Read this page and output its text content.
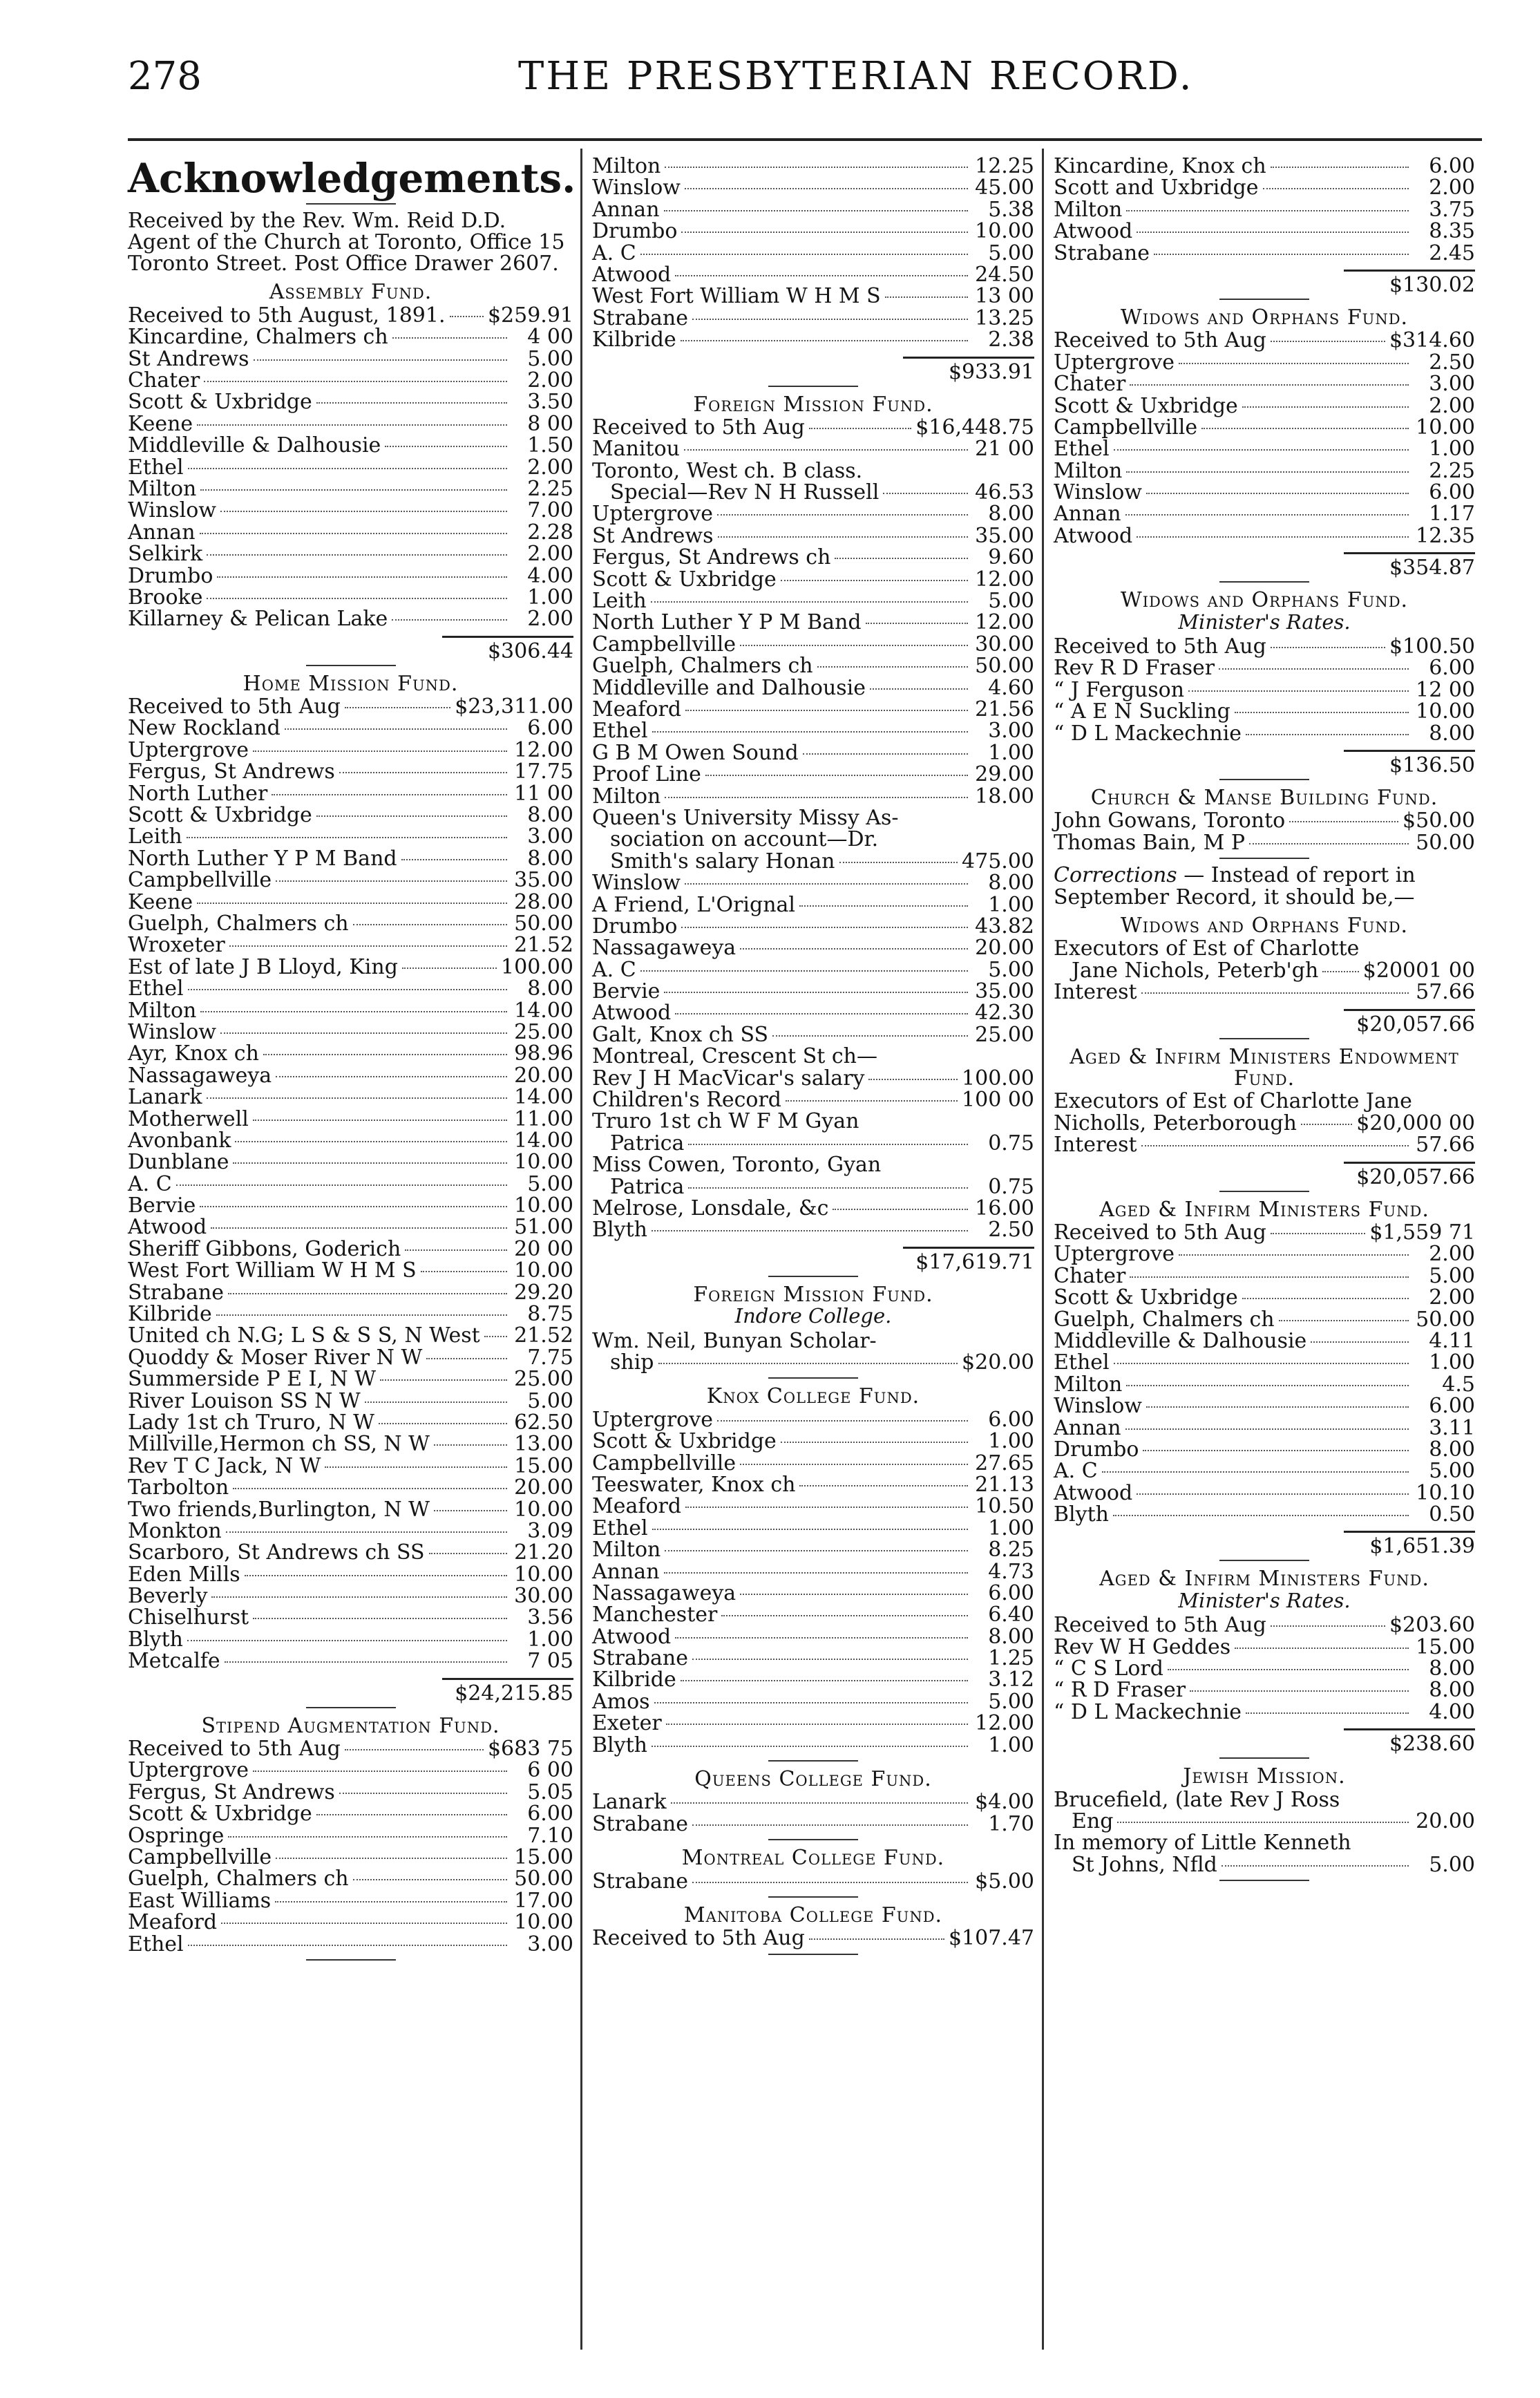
278	THE PRESBYTERIAN RECORD.
Acknowledgements.
Received by the Rev. Wm. Reid D.D. Agent of the Church at Toronto, Office 15 Toronto Street. Post Office Drawer 2607.
Assembly Fund.
Received to 5th August, 1891. $259.91
Kincardine, Chalmers ch	4 00
St Andrews	5.00
Chater	2.00
Scott & Uxbridge	3.50
Keene	8 00
Middleville & Dalhousie	1.50
Ethel	2.00
Milton	2.25
Winslow	7.00
Annan	2.28
Selkirk	2.00
Drumbo	4.00
Brooke	1.00
Killarney & Pelican Lake	2.00
$306.44
Home Mission Fund.
Received to 5th Aug	$23,311.00
New Rockland	6.00
Uptergrove	12.00
Fergus, St Andrews	17.75
North Luther	11 00
Scott & Uxbridge	8.00
Leith	3.00
North Luther Y P M Band	8.00
Campbellville	35.00
Keene	28.00
Guelph, Chalmers ch	50.00
Wroxeter	21.52
Est of late J B Lloyd, King	100.00
Ethel	8.00
Milton	14.00
Winslow	25.00
Ayr, Knox ch	98.96
Nassagaweya	20.00
Lanark	14.00
Motherwell	11.00
Avonbank	14.00
Dunblane	10.00
A. C	5.00
Bervie	10.00
Atwood	51.00
Sheriff Gibbons, Goderich	20 00
West Fort William W H M S	10.00
Strabane	29.20
Kilbride	8.75
United ch N.G; L S & S S, N West 21.52
Quoddy & Moser River N W	7.75
Summerside P E I, N W	25.00
River Louison SS N W	5.00
Lady 1st ch Truro, N W	62.50
Millville,Hermon ch SS, N W	13.00
Rev T C Jack, N W	15.00
Tarbolton	20.00
Two friends,Burlington, N W	10.00
Monkton	3.09
Scarboro, St Andrews ch SS	21.20
Eden Mills	10.00
Beverly	30.00
Chiselhurst	3.56
Blyth	1.00
Metcalfe	7 05
$24,215.85
Stipend Augmentation Fund.
Received to 5th Aug	$683 75
Uptergrove	6 00
Fergus, St Andrews	5.05
Scott & Uxbridge	6.00
Ospringe	7.10
Campbellville	15.00
Guelph, Chalmers ch	50.00
East Williams	17.00
Meaford	10.00
Ethel	3.00
Milton	12.25
Winslow	45.00
Annan	5.38
Drumbo	10.00
A. C	5.00
Atwood	24.50
West Fort William W H M S	13 00
Strabane	13.25
Kilbride	2.38
$933.91
Foreign Mission Fund.
Received to 5th Aug	$16,448.75
Manitou	21 00
Toronto, West ch. B class.
Special—Rev N H Russell	46.53
Uptergrove	8.00
St Andrews	35.00
Fergus, St Andrews ch	9.60
Scott & Uxbridge	12.00
Leith	5.00
North Luther Y P M Band	12.00
Campbellville	30.00
Guelph, Chalmers ch	50.00
Middleville and Dalhousie	4.60
Meaford	21.56
Ethel	3.00
G B M Owen Sound	1.00
Proof Line	29.00
Milton	18.00
Queen's University Missy As-
sociation on account—Dr.
Smith's salary Honan	475.00
Winslow	8.00
A Friend, L'Orignal	1.00
Drumbo	43.82
Nassagaweya	20.00
A. C	5.00
Bervie	35.00
Atwood	42.30
Galt, Knox ch SS	25.00
Montreal, Crescent St ch—
Rev J H MacVicar's salary	100.00
Children's Record	100 00
Truro 1st ch W F M Gyan
Patrica	0.75
Miss Cowen, Toronto, Gyan
Patrica	0.75
Melrose, Lonsdale, &c	16.00
Blyth	2.50
$17,619.71
Foreign Mission Fund.
Indore College.
Wm. Neil, Bunyan Scholar-
ship	$20.00
Knox College Fund.
Uptergrove	6.00
Scott & Uxbridge	1.00
Campbellville	27.65
Teeswater, Knox ch	21.13
Meaford	10.50
Ethel	1.00
Milton	8.25
Annan	4.73
Nassagaweya	6.00
Manchester	6.40
Atwood	8.00
Strabane	1.25
Kilbride	3.12
Amos	5.00
Exeter	12.00
Blyth	1.00
Queens College Fund.
Lanark	$4.00
Strabane	1.70
Montreal College Fund.
Strabane	$5.00
Manitoba College Fund.
Received to 5th Aug	$107.47
Kincardine, Knox ch	6.00
Scott and Uxbridge	2.00
Milton	3.75
Atwood	8.35
Strabane	2.45
$130.02
Widows and Orphans Fund.
Received to 5th Aug	$314.60
Uptergrove	2.50
Chater	3.00
Scott & Uxbridge	2.00
Campbellville	10.00
Ethel	1.00
Milton	2.25
Winslow	6.00
Annan	1.17
Atwood	12.35
$354.87
Widows and Orphans Fund.
Minister's Rates.
Received to 5th Aug	$100.50
Rev R D Fraser	6.00
“ J Ferguson	12 00
“ A E N Suckling	10.00
“ D L Mackechnie	8.00
$136.50
Church & Manse Building Fund.
John Gowans, Toronto	$50.00
Thomas Bain, M P	50.00
Corrections — Instead of report in September Record, it should be,—
Widows and Orphans Fund.
Executors of Est of Charlotte
Jane Nichols, Peterb'gh $20001 00
Interest	57.66
$20,057.66
Aged & Infirm Ministers Endowment Fund.
Executors of Est of Charlotte Jane
Nicholls, Peterborough	$20,000 00
Interest	57.66
$20,057.66
Aged & Infirm Ministers Fund.
Received to 5th Aug	$1,559 71
Uptergrove	2.00
Chater	5.00
Scott & Uxbridge	2.00
Guelph, Chalmers ch	50.00
Middleville & Dalhousie	4.11
Ethel	1.00
Milton	4.5
Winslow	6.00
Annan	3.11
Drumbo	8.00
A. C	5.00
Atwood	10.10
Blyth	0.50
$1,651.39
Aged & Infirm Ministers Fund.
Minister's Rates.
Received to 5th Aug	$203.60
Rev W H Geddes	15.00
“ C S Lord	8.00
“ R D Fraser	8.00
“ D L Mackechnie	4.00
$238.60
Jewish Mission.
Brucefield, (late Rev J Ross
Eng	20.00
In memory of Little Kenneth
St Johns, Nfld	5.00
